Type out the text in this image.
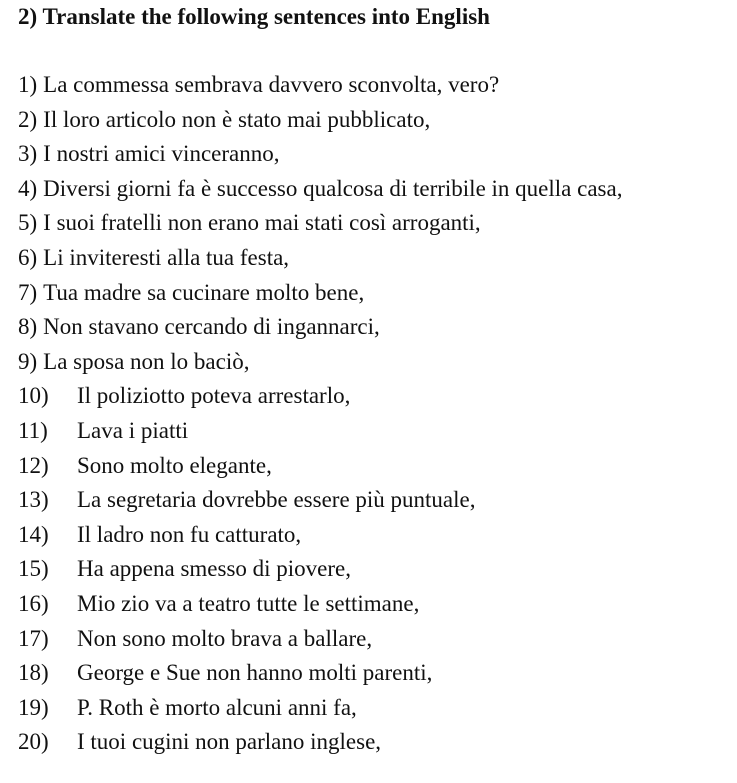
2) Translate the following sentences into English
1) La commessa sembrava davvero sconvolta, vero?
2) Il loro articolo non è stato mai pubblicato,
3) I nostri amici vinceranno,
4) Diversi giorni fa è successo qualcosa di terribile in quella casa,
5) I suoi fratelli non erano mai stati così arroganti,
6) Li inviteresti alla tua festa,
7) Tua madre sa cucinare molto bene,
8) Non stavano cercando di ingannarci,
9) La sposa non lo baciò,
10)	Il poliziotto poteva arrestarlo,
11)	Lava i piatti
12)	Sono molto elegante,
13)	La segretaria dovrebbe essere più puntuale,
14)	Il ladro non fu catturato,
15)	Ha appena smesso di piovere,
16)	Mio zio va a teatro tutte le settimane,
17)	Non sono molto brava a ballare,
18)	George e Sue non hanno molti parenti,
19)	P. Roth è morto alcuni anni fa,
20)	I tuoi cugini non parlano inglese,
